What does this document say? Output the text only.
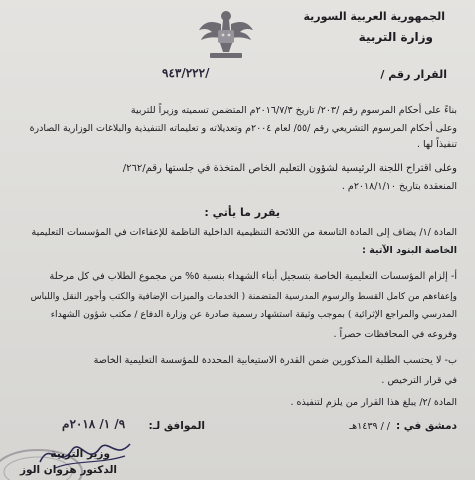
الجمهورية العربية السورية
وزارة التربية
القرار رقم /
٩٤٣/٢٢٢/
بناءً على أحكام المرسوم رقم /٢٠٣/ تاريخ ٢٠١٦/٧/٣م المتضمن تسميته وزيراً للتربية
وعلى أحكام المرسوم التشريعي رقم /٥٥/ لعام ٢٠٠٤م وتعديلاته و تعليماته التنفيذية والبلاغات الوزارية الصادرة
تنفيذاً لها .
وعلى اقتراح اللجنة الرئيسية لشؤون التعليم الخاص المتخذة في جلستها رقم/٢٦٢/
المنعقدة بتاريخ ٢٠١٨/١/١٠م .
يقرر ما يأتي :
المادة /١/ يضاف إلى المادة التاسعة من اللائحة التنظيمية الداخلية الناظمة للإعفاءات في المؤسسات التعليمية
الخاصة البنود الآتية :
أ- إلزام المؤسسات التعليمية الخاصة بتسجيل أبناء الشهداء بنسبة ٥% من مجموع الطلاب في كل مرحلة
وإعفاءهم من كامل القسط والرسوم المدرسية المتضمنة ( الخدمات والميزات الإضافية والكتب وأجور النقل واللباس
المدرسي والمراجع الإثرائية ) بموجب وثيقة استشهاد رسمية صادرة عن وزارة الدفاع / مكتب شؤون الشهداء
وفروعه في المحافظات حصراً .
ب- لا يحتسب الطلبة المذكورين ضمن القدرة الاستيعابية المحددة للمؤسسة التعليمية الخاصة
في قرار الترخيص .
المادة /٢/ يبلغ هذا القرار من يلزم لتنفيذه .
دمشق في :
/ / ١٤٣٩هـ
الموافق لـ:
٩/ ١/ ٢٠١٨م
وزير التربية
الدكتور هزوان الوز
